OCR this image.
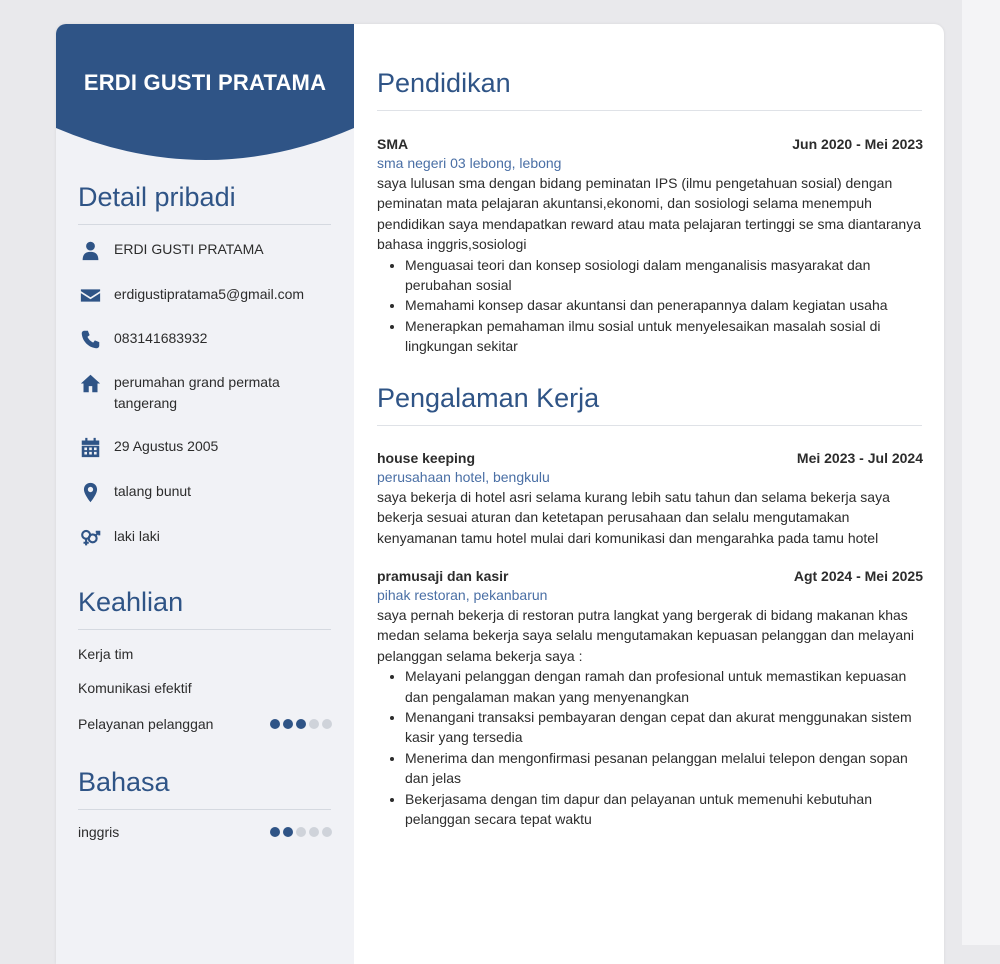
ERDI GUSTI PRATAMA
Detail pribadi
ERDI GUSTI PRATAMA
erdigustipratama5@gmail.com
083141683932
perumahan grand permata tangerang
29 Agustus 2005
talang bunut
laki laki
Keahlian
Kerja tim
Komunikasi efektif
Pelayanan pelanggan
Bahasa
inggris
Pendidikan
SMA	Jun 2020 - Mei 2023
sma negeri 03 lebong, lebong
saya lulusan sma dengan bidang peminatan IPS (ilmu pengetahuan sosial) dengan peminatan mata pelajaran akuntansi,ekonomi, dan sosiologi selama menempuh pendidikan saya mendapatkan reward atau mata pelajaran tertinggi se sma diantaranya bahasa inggris,sosiologi
• Menguasai teori dan konsep sosiologi dalam menganalisis masyarakat dan perubahan sosial
• Memahami konsep dasar akuntansi dan penerapannya dalam kegiatan usaha
• Menerapkan pemahaman ilmu sosial untuk menyelesaikan masalah sosial di lingkungan sekitar
Pengalaman Kerja
house keeping	Mei 2023 - Jul 2024
perusahaan hotel, bengkulu
saya bekerja di hotel asri selama kurang lebih satu tahun dan selama bekerja saya bekerja sesuai aturan dan ketetapan perusahaan dan selalu mengutamakan kenyamanan tamu hotel mulai dari komunikasi dan mengarahka pada tamu hotel
pramusaji dan kasir	Agt 2024 - Mei 2025
pihak restoran, pekanbarun
saya pernah bekerja di restoran putra langkat yang bergerak di bidang makanan khas medan selama bekerja saya selalu mengutamakan kepuasan pelanggan dan melayani pelanggan selama bekerja saya :
• Melayani pelanggan dengan ramah dan profesional untuk memastikan kepuasan dan pengalaman makan yang menyenangkan
• Menangani transaksi pembayaran dengan cepat dan akurat menggunakan sistem kasir yang tersedia
• Menerima dan mengonfirmasi pesanan pelanggan melalui telepon dengan sopan dan jelas
• Bekerjasama dengan tim dapur dan pelayanan untuk memenuhi kebutuhan pelanggan secara tepat waktu
